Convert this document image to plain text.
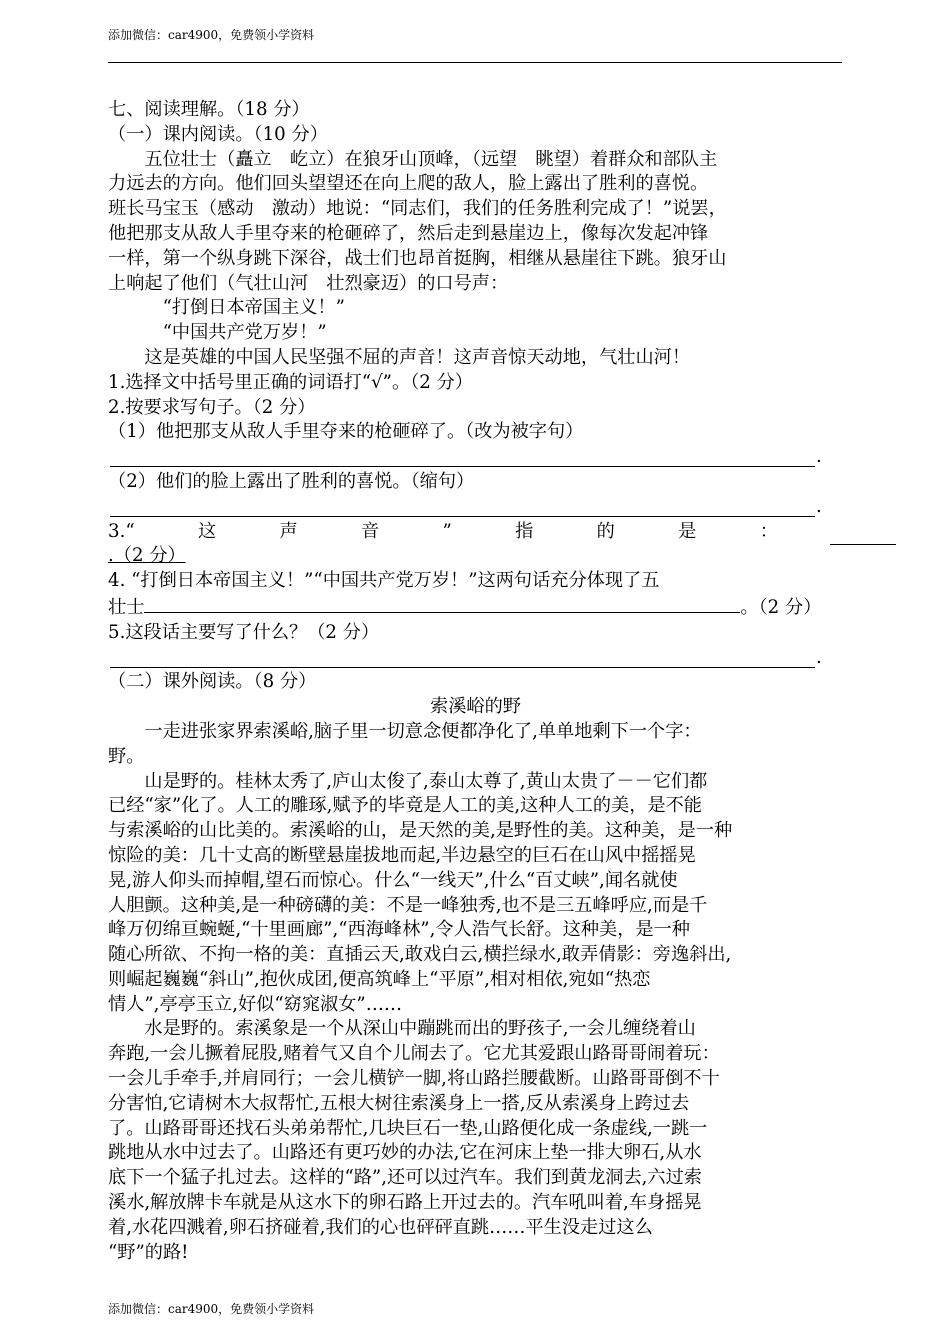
添加微信：car4900，免费领小学资料

七、阅读理解。（18 分）

（一）课内阅读。（10 分）

五位壮士（矗立　屹立）在狼牙山顶峰，（远望　眺望）着群众和部队主

力远去的方向。他们回头望望还在向上爬的敌人，脸上露出了胜利的喜悦。

班长马宝玉（感动　激动）地说：“同志们，我们的任务胜利完成了！”说罢，

他把那支从敌人手里夺来的枪砸碎了，然后走到悬崖边上，像每次发起冲锋

一样，第一个纵身跳下深谷，战士们也昂首挺胸，相继从悬崖往下跳。狼牙山

上响起了他们（气壮山河　壮烈豪迈）的口号声：

“打倒日本帝国主义！”

“中国共产党万岁！”

这是英雄的中国人民坚强不屈的声音！这声音惊天动地，气壮山河！

1.选择文中括号里正确的词语打“√”。（2 分）

2.按要求写句子。（2 分）

（1）他把那支从敌人手里夺来的枪砸碎了。（改为被字句）

.

（2）他们的脸上露出了胜利的喜悦。（缩句）

.

3.“	这	声	音	”	指	的	是	：

.（2 分）

4. “打倒日本帝国主义！”“中国共产党万岁！”这两句话充分体现了五

壮士	。（2 分）

5.这段话主要写了什么？（2 分）

.

（二）课外阅读。（8 分）

索溪峪的野

一走进张家界索溪峪,脑子里一切意念便都净化了,单单地剩下一个字：

野。

山是野的。桂林太秀了,庐山太俊了,泰山太尊了,黄山太贵了－－它们都

已经“家”化了。人工的雕琢,赋予的毕竟是人工的美,这种人工的美，是不能

与索溪峪的山比美的。索溪峪的山，是天然的美,是野性的美。这种美，是一种

惊险的美：几十丈高的断壁悬崖拔地而起,半边悬空的巨石在山风中摇摇晃

晃,游人仰头而掉帽,望石而惊心。什么“一线天”,什么“百丈峡”,闻名就使

人胆颤。这种美,是一种磅礴的美：不是一峰独秀,也不是三五峰呼应,而是千

峰万仞绵亘蜿蜒,“十里画廊”,“西海峰林”,令人浩气长舒。这种美，是一种

随心所欲、不拘一格的美：直插云天,敢戏白云,横拦绿水,敢弄倩影：旁逸斜出,

则崛起巍巍“斜山”,抱伙成团,便高筑峰上“平原”,相对相依,宛如“热恋

情人”,亭亭玉立,好似“窈窕淑女”……

水是野的。索溪象是一个从深山中蹦跳而出的野孩子,一会儿缠绕着山

奔跑,一会儿撅着屁股,赌着气又自个儿闹去了。它尤其爱跟山路哥哥闹着玩：

一会儿手牵手,并肩同行；一会儿横铲一脚,将山路拦腰截断。山路哥哥倒不十

分害怕,它请树木大叔帮忙,五根大树往索溪身上一搭,反从索溪身上跨过去

了。山路哥哥还找石头弟弟帮忙,几块巨石一垫,山路便化成一条虚线,一跳一

跳地从水中过去了。山路还有更巧妙的办法,它在河床上垫一排大卵石,从水

底下一个猛子扎过去。这样的“路”,还可以过汽车。我们到黄龙洞去,六过索

溪水,解放牌卡车就是从这水下的卵石路上开过去的。汽车吼叫着,车身摇晃

着,水花四溅着,卵石挤碰着,我们的心也砰砰直跳……平生没走过这么

“野”的路!

添加微信：car4900，免费领小学资料
